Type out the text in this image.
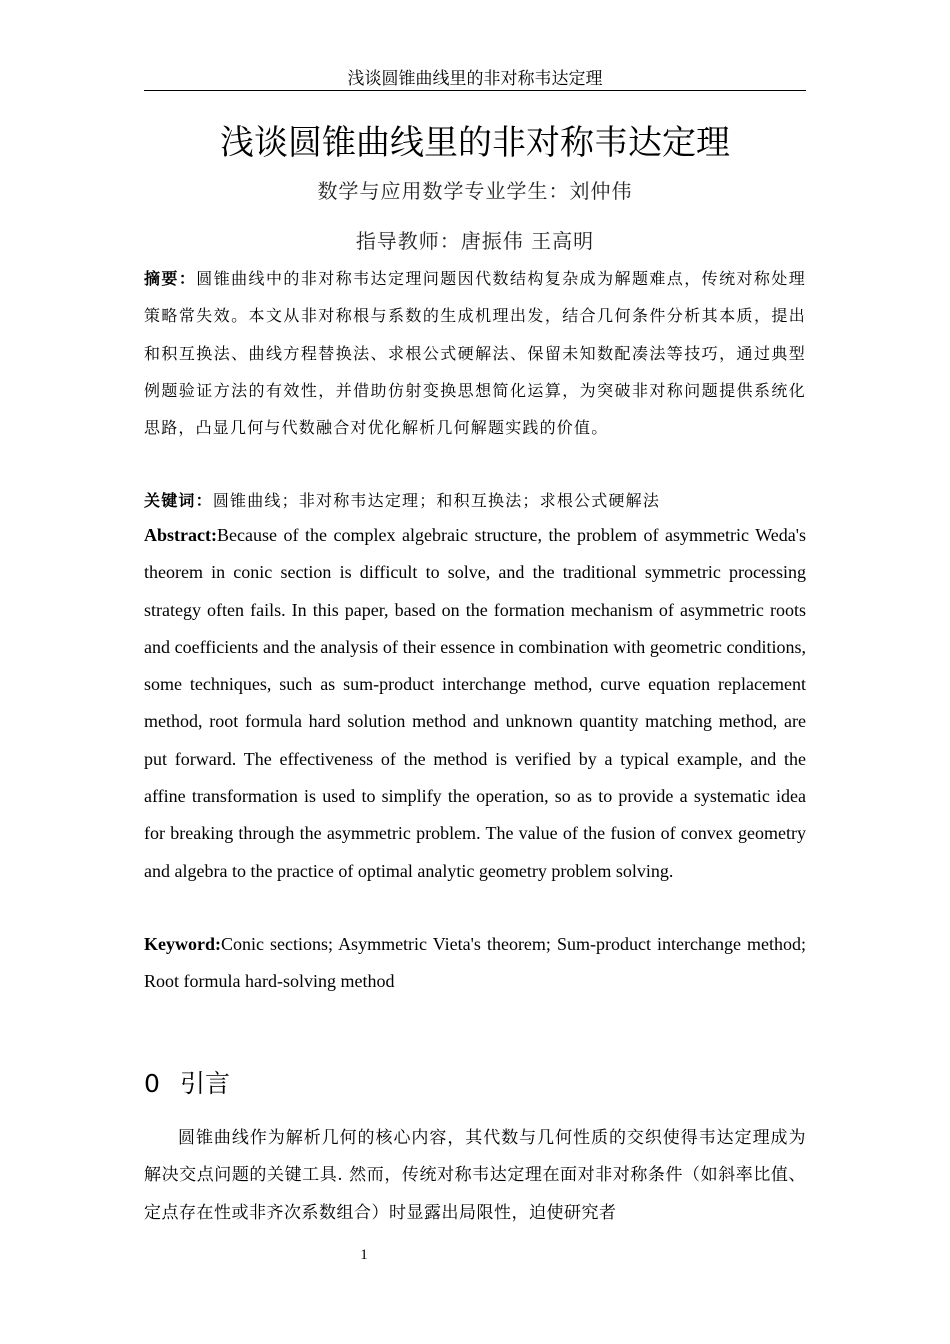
浅谈圆锥曲线里的非对称韦达定理
浅谈圆锥曲线里的非对称韦达定理
数学与应用数学专业学生：刘仲伟
指导教师：唐振伟 王高明

摘要：圆锥曲线中的非对称韦达定理问题因代数结构复杂成为解题难点，传统对称处理策略常失效。本文从非对称根与系数的生成机理出发，结合几何条件分析其本质，提出和积互换法、曲线方程替换法、求根公式硬解法、保留未知数配凑法等技巧，通过典型例题验证方法的有效性，并借助仿射变换思想简化运算，为突破非对称问题提供系统化思路，凸显几何与代数融合对优化解析几何解题实践的价值。

关键词：圆锥曲线；非对称韦达定理；和积互换法；求根公式硬解法

Abstract:Because of the complex algebraic structure, the problem of asymmetric Weda's theorem in conic section is difficult to solve, and the traditional symmetric processing strategy often fails. In this paper, based on the formation mechanism of asymmetric roots and coefficients and the analysis of their essence in combination with geometric conditions, some techniques, such as sum-product interchange method, curve equation replacement method, root formula hard solution method and unknown quantity matching method, are put forward. The effectiveness of the method is verified by a typical example, and the affine transformation is used to simplify the operation, so as to provide a systematic idea for breaking through the asymmetric problem. The value of the fusion of convex geometry and algebra to the practice of optimal analytic geometry problem solving.

Keyword:Conic sections; Asymmetric Vieta's theorem; Sum-product interchange method; Root formula hard-solving method

0 引言

圆锥曲线作为解析几何的核心内容，其代数与几何性质的交织使得韦达定理成为解决交点问题的关键工具. 然而，传统对称韦达定理在面对非对称条件（如斜率比值、定点存在性或非齐次系数组合）时显露出局限性，迫使研究者

1
